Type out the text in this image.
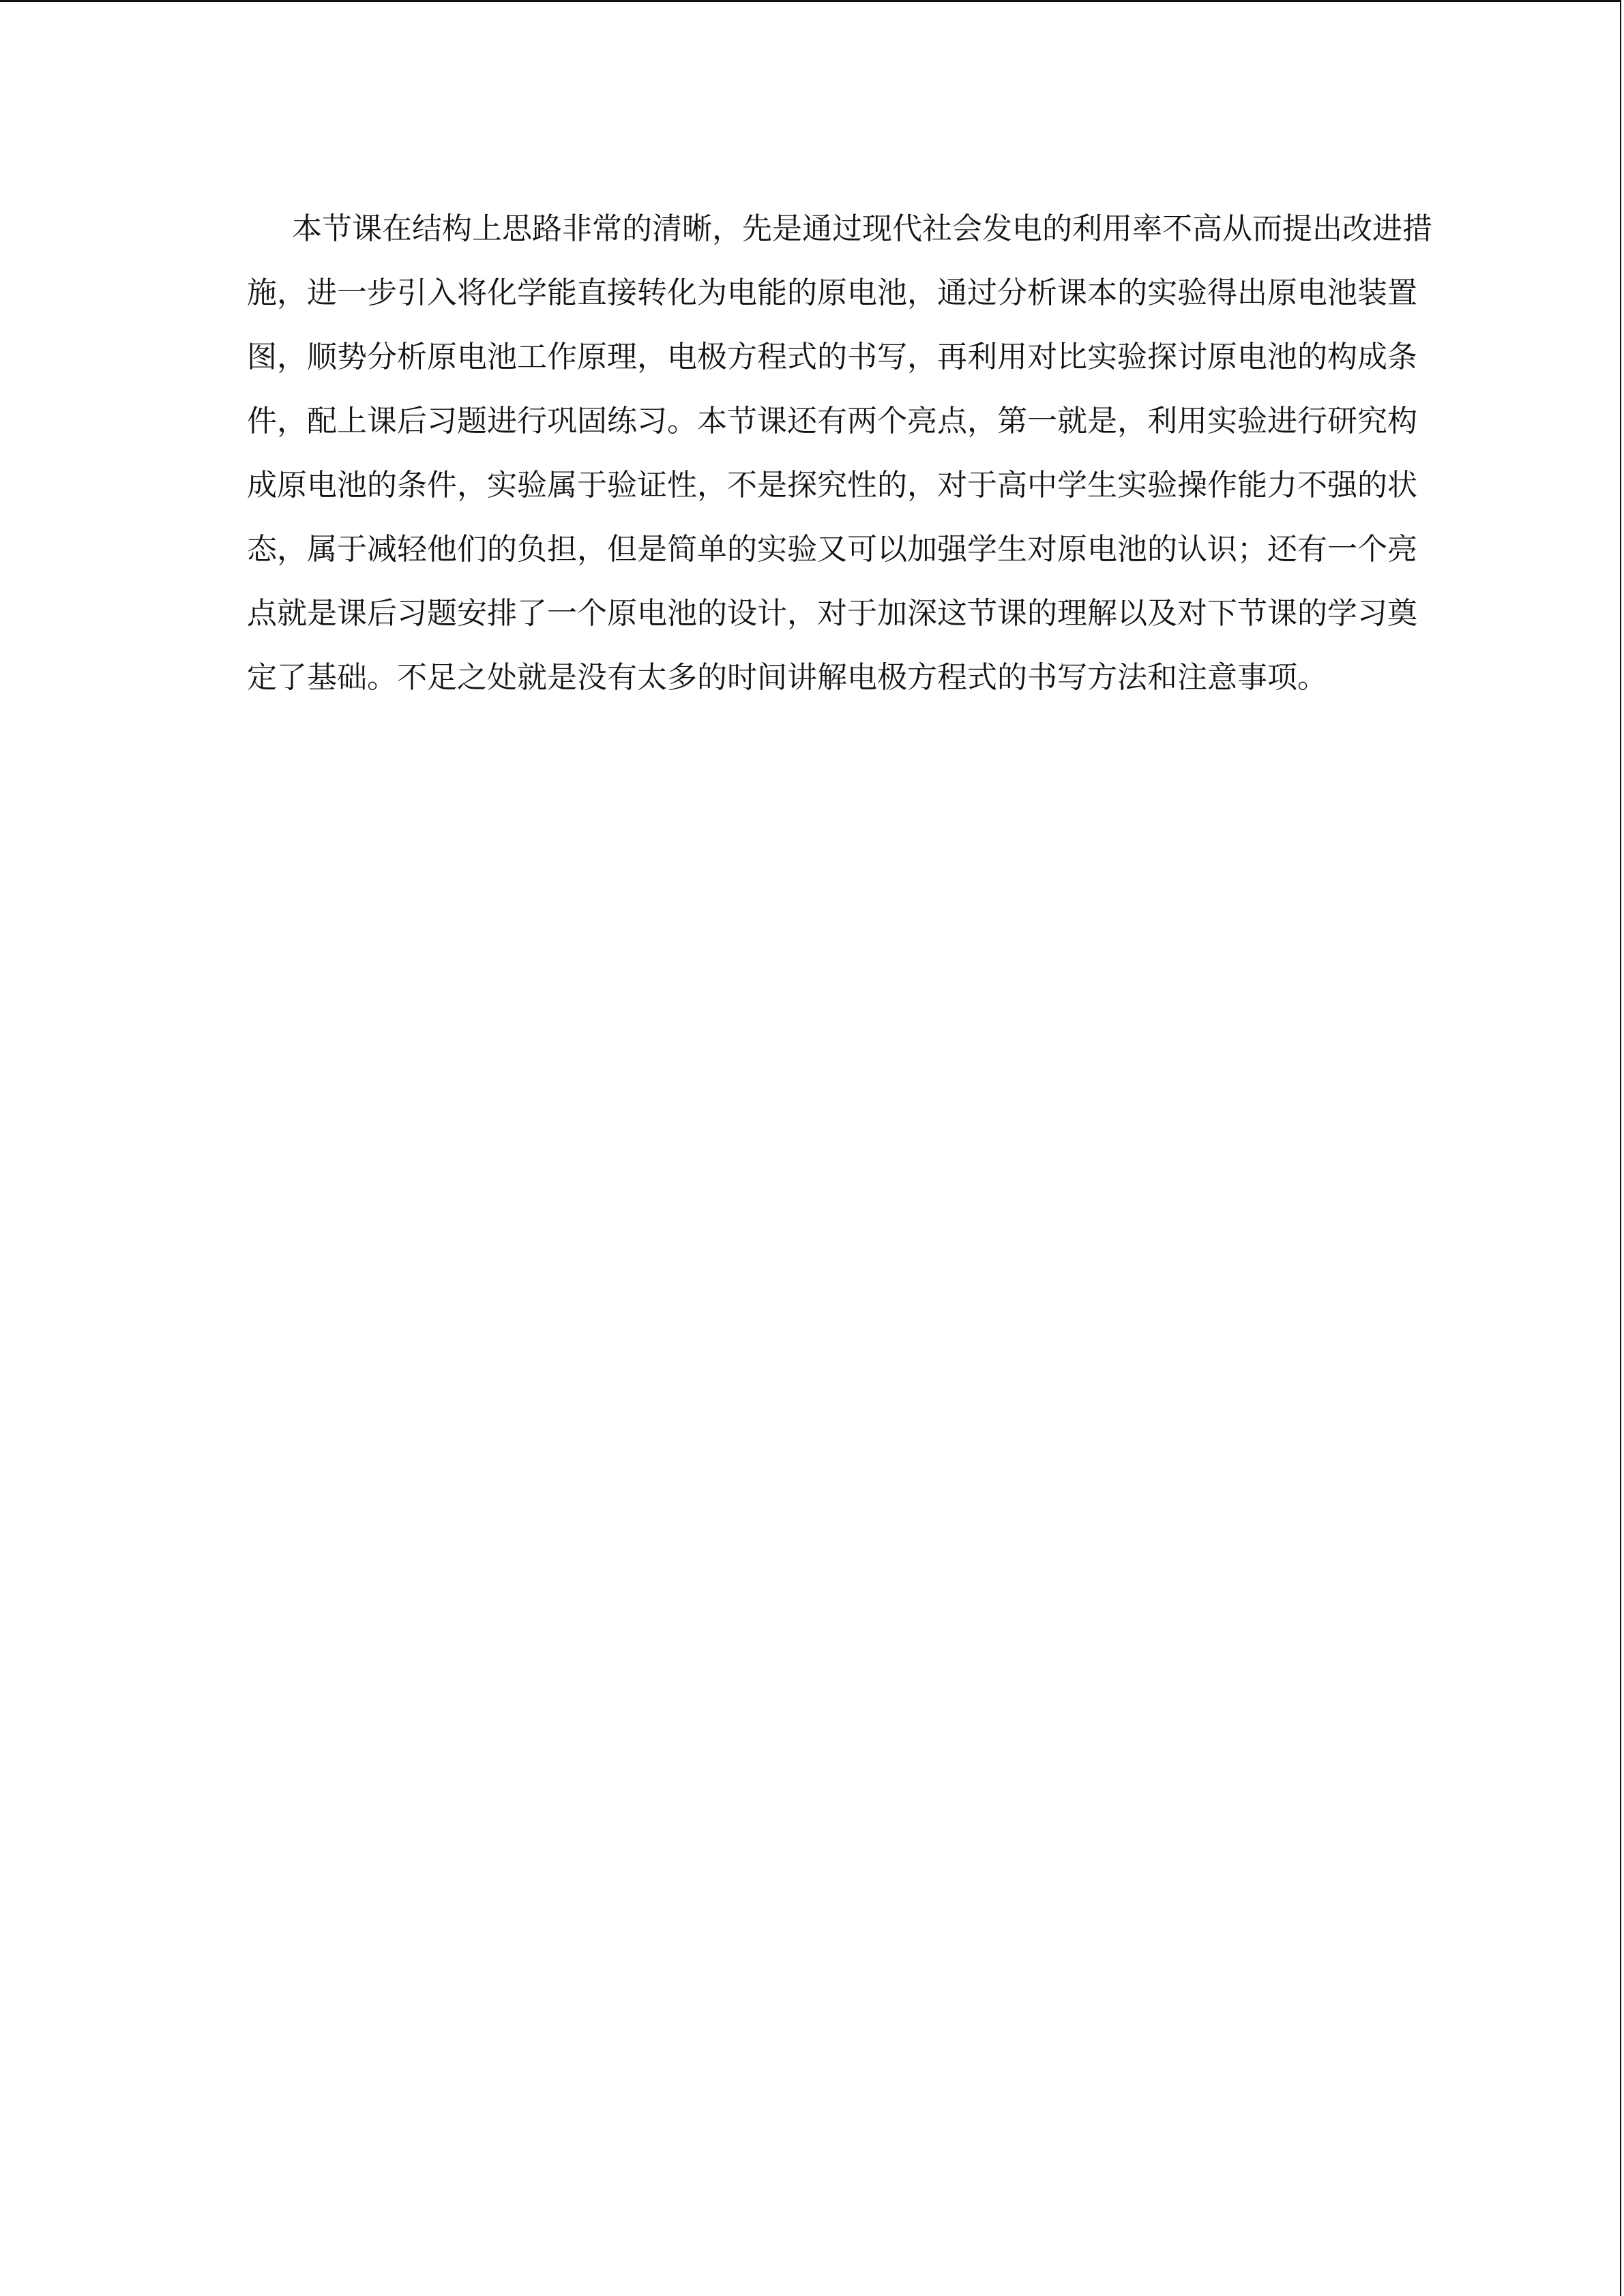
本节课在结构上思路非常的清晰，先是通过现代社会发电的利用率不高从而提出改进措
施，进一步引入将化学能直接转化为电能的原电池，通过分析课本的实验得出原电池装置
图，顺势分析原电池工作原理，电极方程式的书写，再利用对比实验探讨原电池的构成条
件，配上课后习题进行巩固练习。本节课还有两个亮点，第一就是，利用实验进行研究构
成原电池的条件，实验属于验证性，不是探究性的，对于高中学生实验操作能力不强的状
态，属于减轻他们的负担，但是简单的实验又可以加强学生对原电池的认识；还有一个亮
点就是课后习题安排了一个原电池的设计，对于加深这节课的理解以及对下节课的学习奠
定了基础。不足之处就是没有太多的时间讲解电极方程式的书写方法和注意事项。
